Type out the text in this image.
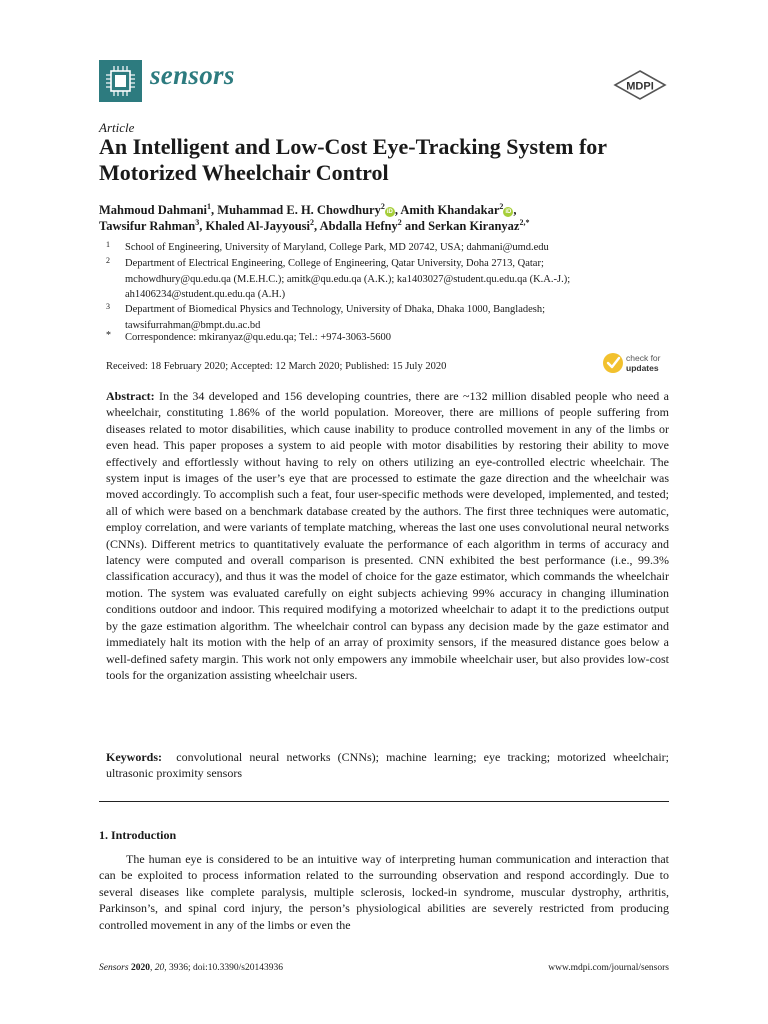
sensors	MDPI
Article
An Intelligent and Low-Cost Eye-Tracking System for Motorized Wheelchair Control
Mahmoud Dahmani$^1$, Muhammad E. H. Chowdhury$^2$iD , Amith Khandakar$^2$iD ,
Tawsifur Rahman$^3$, Khaled Al-Jayyousi$^2$, Abdalla Hefny$^2$ and Serkan Kiranyaz$^{2,*}$
1 School of Engineering, University of Maryland, College Park, MD 20742, USA; dahmani@umd.edu
2 Department of Electrical Engineering, College of Engineering, Qatar University, Doha 2713, Qatar; mchowdhury@qu.edu.qa (M.E.H.C.); amitk@qu.edu.qa (A.K.); ka1403027@student.qu.edu.qa (K.A.-J.); ah1406234@student.qu.edu.qa (A.H.)
3 Department of Biomedical Physics and Technology, University of Dhaka, Dhaka 1000, Bangladesh; tawsifurrahman@bmpt.du.ac.bd
* Correspondence: mkiranyaz@qu.edu.qa; Tel.: +974-3063-5600
Received: 18 February 2020; Accepted: 12 March 2020; Published: 15 July 2020
check for
updates
Abstract: In the 34 developed and 156 developing countries, there are ~132 million disabled people who need a wheelchair, constituting 1.86% of the world population. Moreover, there are millions of people suffering from diseases related to motor disabilities, which cause inability to produce controlled movement in any of the limbs or even head. This paper proposes a system to aid people with motor disabilities by restoring their ability to move effectively and effortlessly without having to rely on others utilizing an eye-controlled electric wheelchair. The system input is images of the user’s eye that are processed to estimate the gaze direction and the wheelchair was moved accordingly. To accomplish such a feat, four user-specific methods were developed, implemented, and tested; all of which were based on a benchmark database created by the authors. The first three techniques were automatic, employ correlation, and were variants of template matching, whereas the last one uses convolutional neural networks (CNNs). Different metrics to quantitatively evaluate the performance of each algorithm in terms of accuracy and latency were computed and overall comparison is presented. CNN exhibited the best performance (i.e., 99.3% classification accuracy), and thus it was the model of choice for the gaze estimator, which commands the wheelchair motion. The system was evaluated carefully on eight subjects achieving 99% accuracy in changing illumination conditions outdoor and indoor. This required modifying a motorized wheelchair to adapt it to the predictions output by the gaze estimation algorithm. The wheelchair control can bypass any decision made by the gaze estimator and immediately halt its motion with the help of an array of proximity sensors, if the measured distance goes below a well-defined safety margin. This work not only empowers any immobile wheelchair user, but also provides low-cost tools for the organization assisting wheelchair users.
Keywords: convolutional neural networks (CNNs); machine learning; eye tracking; motorized wheelchair; ultrasonic proximity sensors
1. Introduction
The human eye is considered to be an intuitive way of interpreting human communication and interaction that can be exploited to process information related to the surrounding observation and respond accordingly. Due to several diseases like complete paralysis, multiple sclerosis, locked-in syndrome, muscular dystrophy, arthritis, Parkinson’s, and spinal cord injury, the person’s physiological abilities are severely restricted from producing controlled movement in any of the limbs or even the
Sensors 2020, 20, 3936; doi:10.3390/s20143936	www.mdpi.com/journal/sensors
